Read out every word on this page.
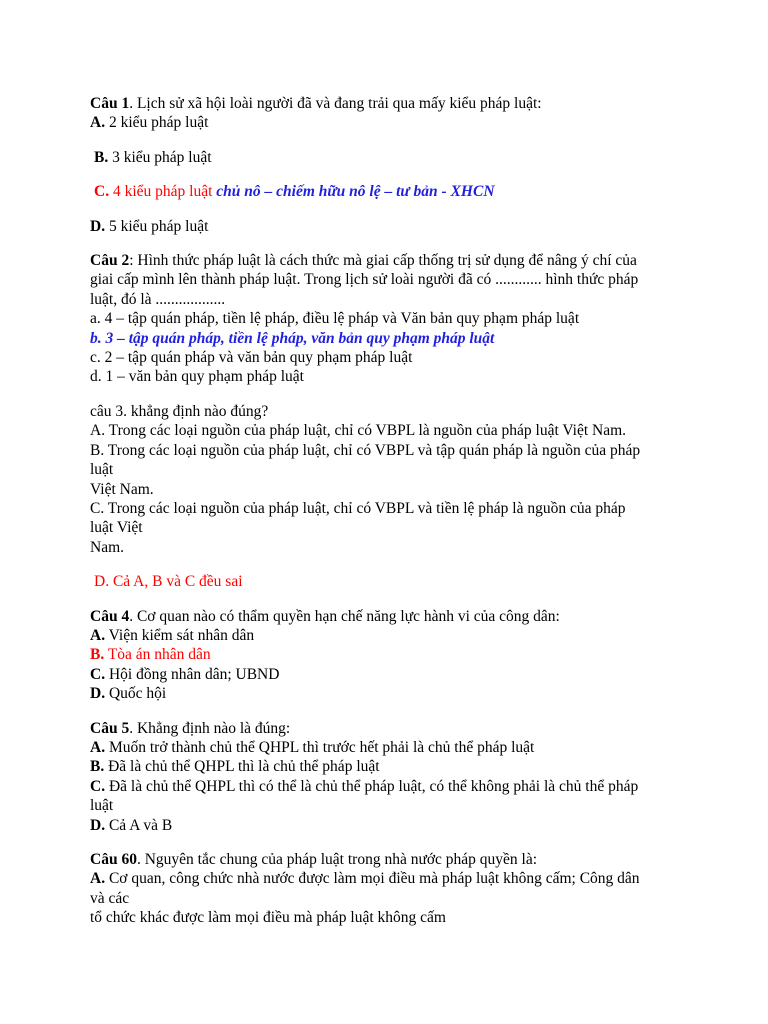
Câu 1. Lịch sử xã hội loài người đã và đang trải qua mấy kiểu pháp luật:
A. 2 kiểu pháp luật
B. 3 kiểu pháp luật
C. 4 kiểu pháp luật chủ nô – chiếm hữu nô lệ – tư bản - XHCN
D. 5 kiểu pháp luật
Câu 2: Hình thức pháp luật là cách thức mà giai cấp thống trị sử dụng để nâng ý chí của
giai cấp mình lên thành pháp luật. Trong lịch sử loài người đã có ............ hình thức pháp
luật, đó là ..................
a. 4 – tập quán pháp, tiền lệ pháp, điều lệ pháp và Văn bản quy phạm pháp luật
b. 3 – tập quán pháp, tiền lệ pháp, văn bản quy phạm pháp luật
c. 2 – tập quán pháp và văn bản quy phạm pháp luật
d. 1 – văn bản quy phạm pháp luật
câu 3. khẳng định nào đúng?
A. Trong các loại nguồn của pháp luật, chỉ có VBPL là nguồn của pháp luật Việt Nam.
B. Trong các loại nguồn của pháp luật, chỉ có VBPL và tập quán pháp là nguồn của pháp
luật
Việt Nam.
C. Trong các loại nguồn của pháp luật, chỉ có VBPL và tiền lệ pháp là nguồn của pháp
luật Việt
Nam.
D. Cả A, B và C đều sai
Câu 4. Cơ quan nào có thẩm quyền hạn chế năng lực hành vi của công dân:
A. Viện kiểm sát nhân dân
B. Tòa án nhân dân
C. Hội đồng nhân dân; UBND
D. Quốc hội
Câu 5. Khẳng định nào là đúng:
A. Muốn trở thành chủ thể QHPL thì trước hết phải là chủ thể pháp luật
B. Đã là chủ thể QHPL thì là chủ thể pháp luật
C. Đã là chủ thể QHPL thì có thể là chủ thể pháp luật, có thể không phải là chủ thể pháp
luật
D. Cả A và B
Câu 60. Nguyên tắc chung của pháp luật trong nhà nước pháp quyền là:
A. Cơ quan, công chức nhà nước được làm mọi điều mà pháp luật không cấm; Công dân
và các
tổ chức khác được làm mọi điều mà pháp luật không cấm
